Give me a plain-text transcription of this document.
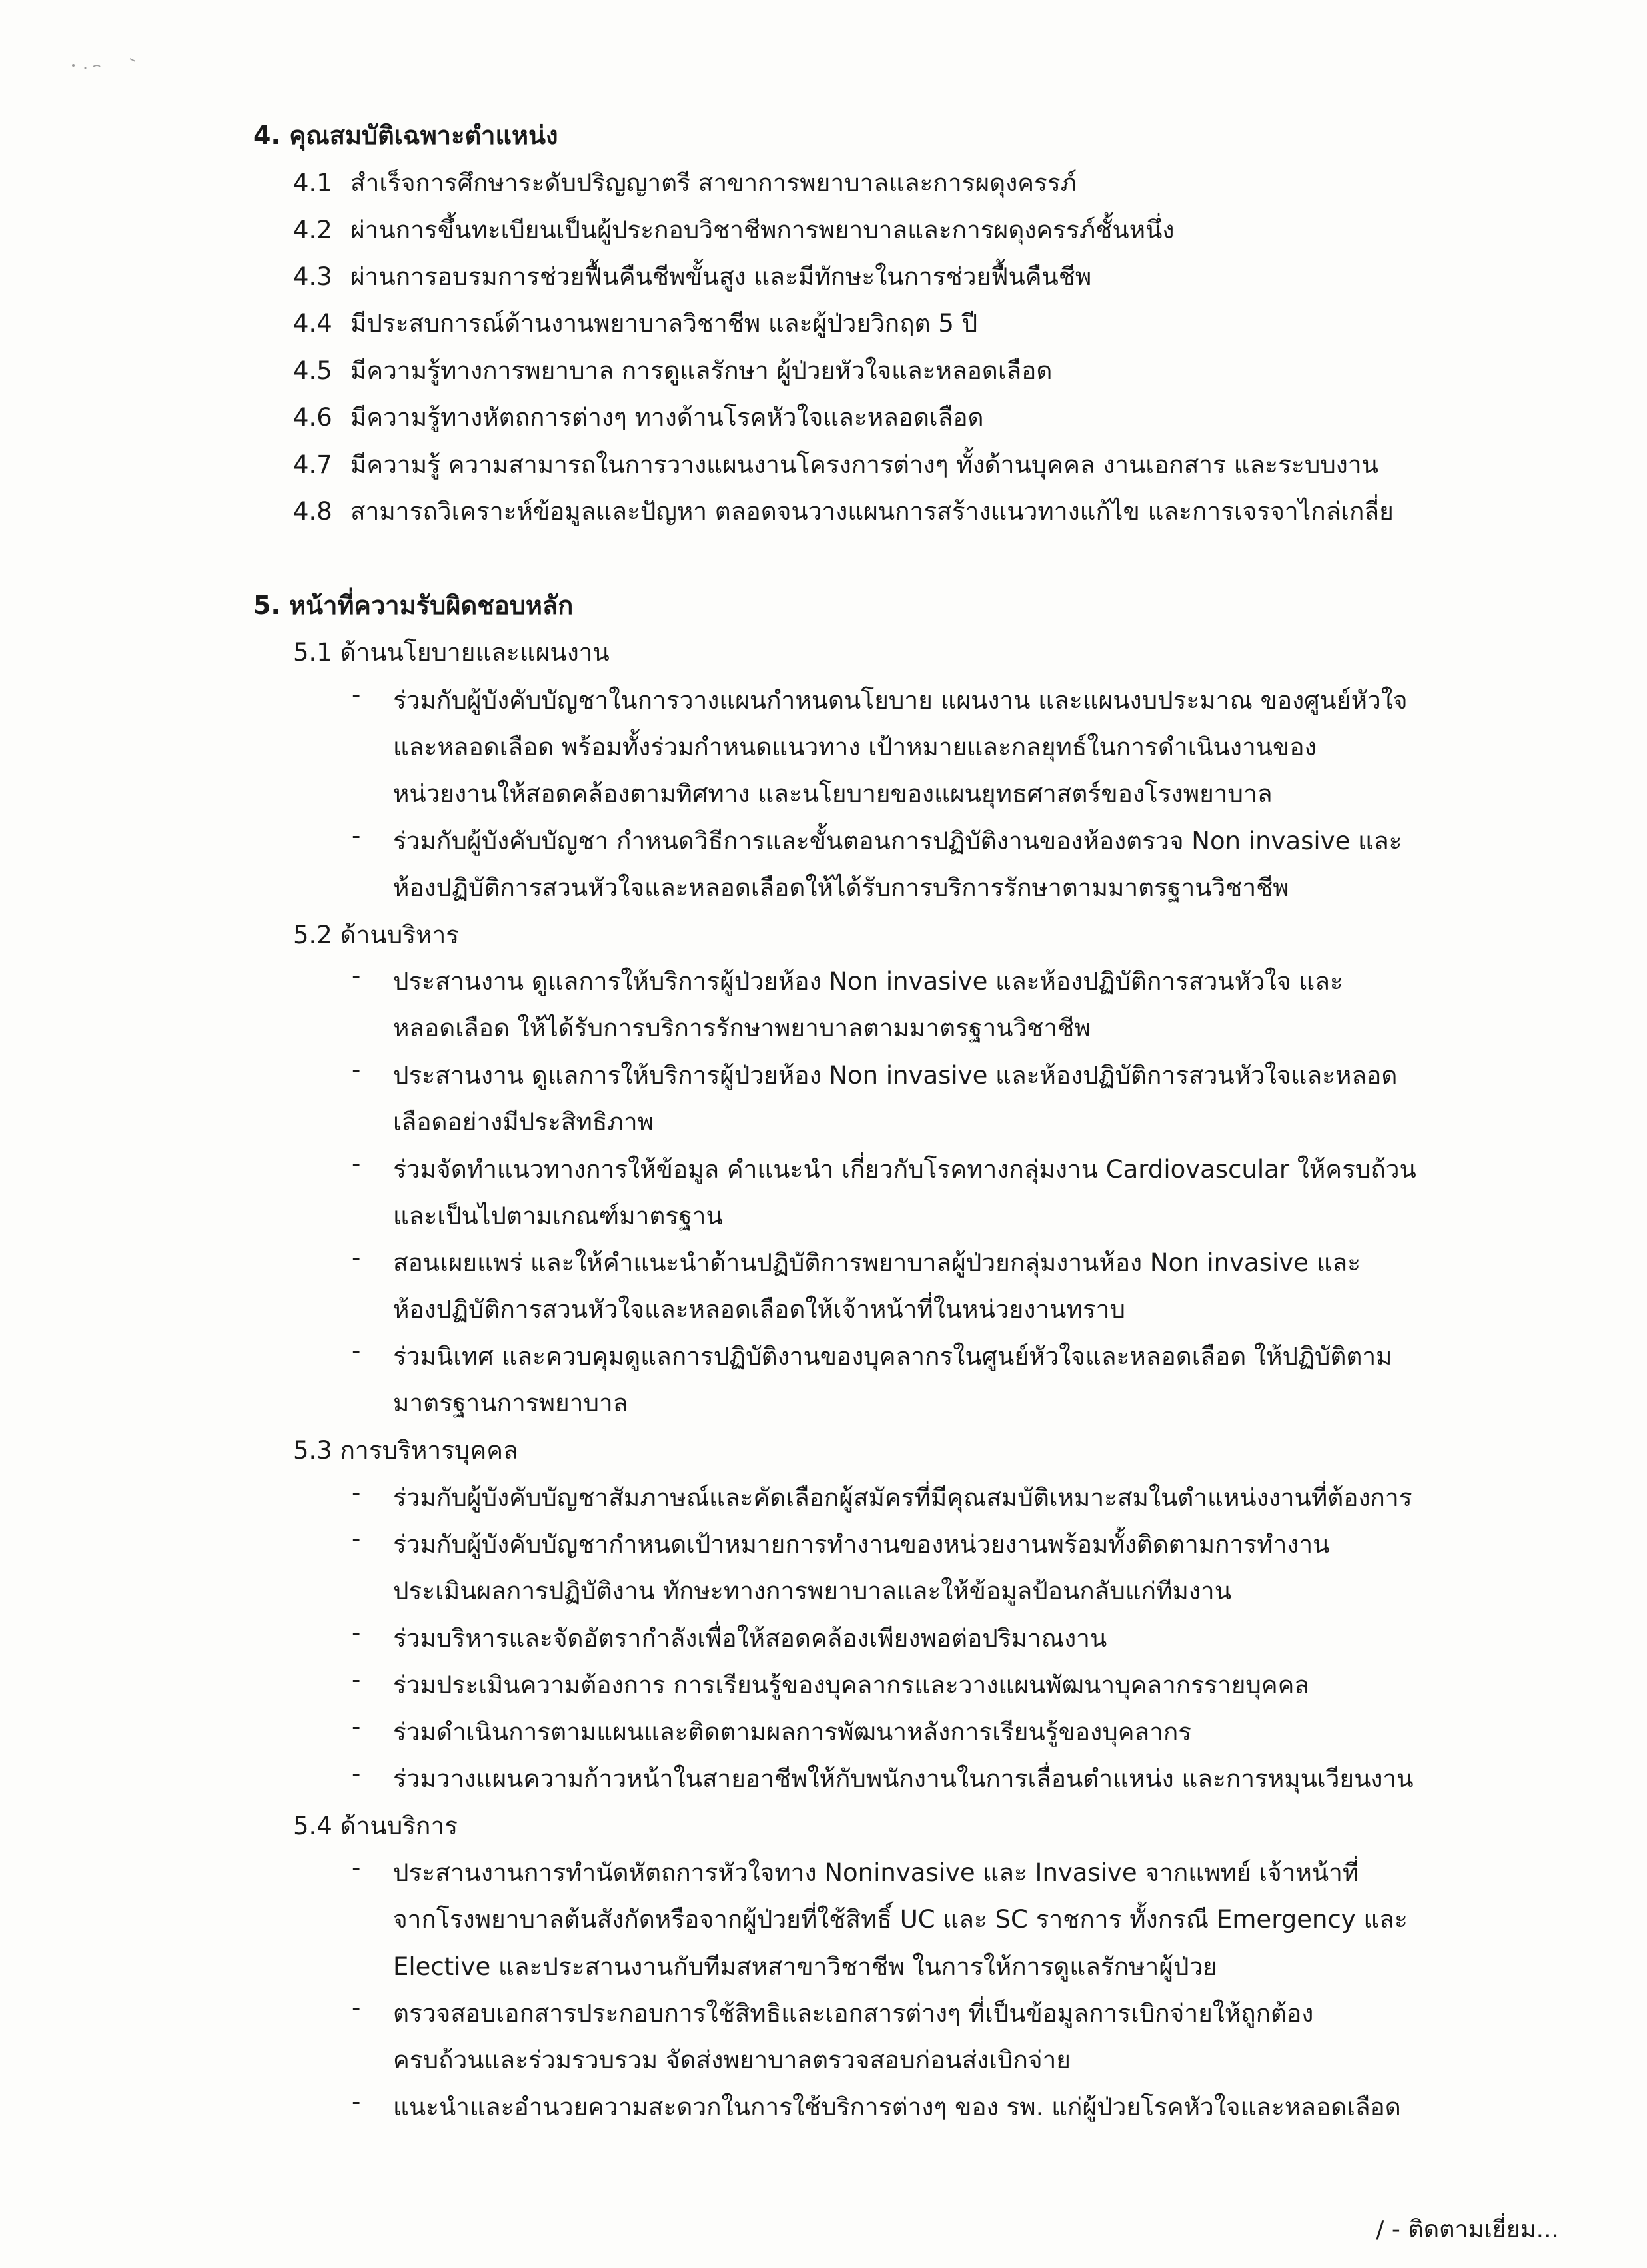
4. คุณสมบัติเฉพาะตำแหน่ง
4.1 สำเร็จการศึกษาระดับปริญญาตรี สาขาการพยาบาลและการผดุงครรภ์
4.2 ผ่านการขึ้นทะเบียนเป็นผู้ประกอบวิชาชีพการพยาบาลและการผดุงครรภ์ชั้นหนึ่ง
4.3 ผ่านการอบรมการช่วยฟื้นคืนชีพขั้นสูง และมีทักษะในการช่วยฟื้นคืนชีพ
4.4 มีประสบการณ์ด้านงานพยาบาลวิชาชีพ และผู้ป่วยวิกฤต 5 ปี
4.5 มีความรู้ทางการพยาบาล การดูแลรักษา ผู้ป่วยหัวใจและหลอดเลือด
4.6 มีความรู้ทางหัตถการต่างๆ ทางด้านโรคหัวใจและหลอดเลือด
4.7 มีความรู้ ความสามารถในการวางแผนงานโครงการต่างๆ ทั้งด้านบุคคล งานเอกสาร และระบบงาน
4.8 สามารถวิเคราะห์ข้อมูลและปัญหา ตลอดจนวางแผนการสร้างแนวทางแก้ไข และการเจรจาไกล่เกลี่ย
5. หน้าที่ความรับผิดชอบหลัก
5.1 ด้านนโยบายและแผนงาน
- ร่วมกับผู้บังคับบัญชาในการวางแผนกำหนดนโยบาย แผนงาน และแผนงบประมาณ ของศูนย์หัวใจ
และหลอดเลือด พร้อมทั้งร่วมกำหนดแนวทาง เป้าหมายและกลยุทธ์ในการดำเนินงานของ
หน่วยงานให้สอดคล้องตามทิศทาง และนโยบายของแผนยุทธศาสตร์ของโรงพยาบาล
- ร่วมกับผู้บังคับบัญชา กำหนดวิธีการและขั้นตอนการปฏิบัติงานของห้องตรวจ Non invasive และ
ห้องปฏิบัติการสวนหัวใจและหลอดเลือดให้ได้รับการบริการรักษาตามมาตรฐานวิชาชีพ
5.2 ด้านบริหาร
- ประสานงาน ดูแลการให้บริการผู้ป่วยห้อง Non invasive และห้องปฏิบัติการสวนหัวใจ และ
หลอดเลือด ให้ได้รับการบริการรักษาพยาบาลตามมาตรฐานวิชาชีพ
- ประสานงาน ดูแลการให้บริการผู้ป่วยห้อง Non invasive และห้องปฏิบัติการสวนหัวใจและหลอด
เลือดอย่างมีประสิทธิภาพ
- ร่วมจัดทำแนวทางการให้ข้อมูล คำแนะนำ เกี่ยวกับโรคทางกลุ่มงาน Cardiovascular ให้ครบถ้วน
และเป็นไปตามเกณฑ์มาตรฐาน
- สอนเผยแพร่ และให้คำแนะนำด้านปฏิบัติการพยาบาลผู้ป่วยกลุ่มงานห้อง Non invasive และ
ห้องปฏิบัติการสวนหัวใจและหลอดเลือดให้เจ้าหน้าที่ในหน่วยงานทราบ
- ร่วมนิเทศ และควบคุมดูแลการปฏิบัติงานของบุคลากรในศูนย์หัวใจและหลอดเลือด ให้ปฏิบัติตาม
มาตรฐานการพยาบาล
5.3 การบริหารบุคคล
- ร่วมกับผู้บังคับบัญชาสัมภาษณ์และคัดเลือกผู้สมัครที่มีคุณสมบัติเหมาะสมในตำแหน่งงานที่ต้องการ
- ร่วมกับผู้บังคับบัญชากำหนดเป้าหมายการทำงานของหน่วยงานพร้อมทั้งติดตามการทำงาน
ประเมินผลการปฏิบัติงาน ทักษะทางการพยาบาลและให้ข้อมูลป้อนกลับแก่ทีมงาน
- ร่วมบริหารและจัดอัตรากำลังเพื่อให้สอดคล้องเพียงพอต่อปริมาณงาน
- ร่วมประเมินความต้องการ การเรียนรู้ของบุคลากรและวางแผนพัฒนาบุคลากรรายบุคคล
- ร่วมดำเนินการตามแผนและติดตามผลการพัฒนาหลังการเรียนรู้ของบุคลากร
- ร่วมวางแผนความก้าวหน้าในสายอาชีพให้กับพนักงานในการเลื่อนตำแหน่ง และการหมุนเวียนงาน
5.4 ด้านบริการ
- ประสานงานการทำนัดหัตถการหัวใจทาง Noninvasive และ Invasive จากแพทย์ เจ้าหน้าที่
จากโรงพยาบาลต้นสังกัดหรือจากผู้ป่วยที่ใช้สิทธิ์ UC และ SC ราชการ ทั้งกรณี Emergency และ
Elective และประสานงานกับทีมสหสาขาวิชาชีพ ในการให้การดูแลรักษาผู้ป่วย
- ตรวจสอบเอกสารประกอบการใช้สิทธิและเอกสารต่างๆ ที่เป็นข้อมูลการเบิกจ่ายให้ถูกต้อง
ครบถ้วนและร่วมรวบรวม จัดส่งพยาบาลตรวจสอบก่อนส่งเบิกจ่าย
- แนะนำและอำนวยความสะดวกในการใช้บริการต่างๆ ของ รพ. แก่ผู้ป่วยโรคหัวใจและหลอดเลือด
/ - ติดตามเยี่ยม...
